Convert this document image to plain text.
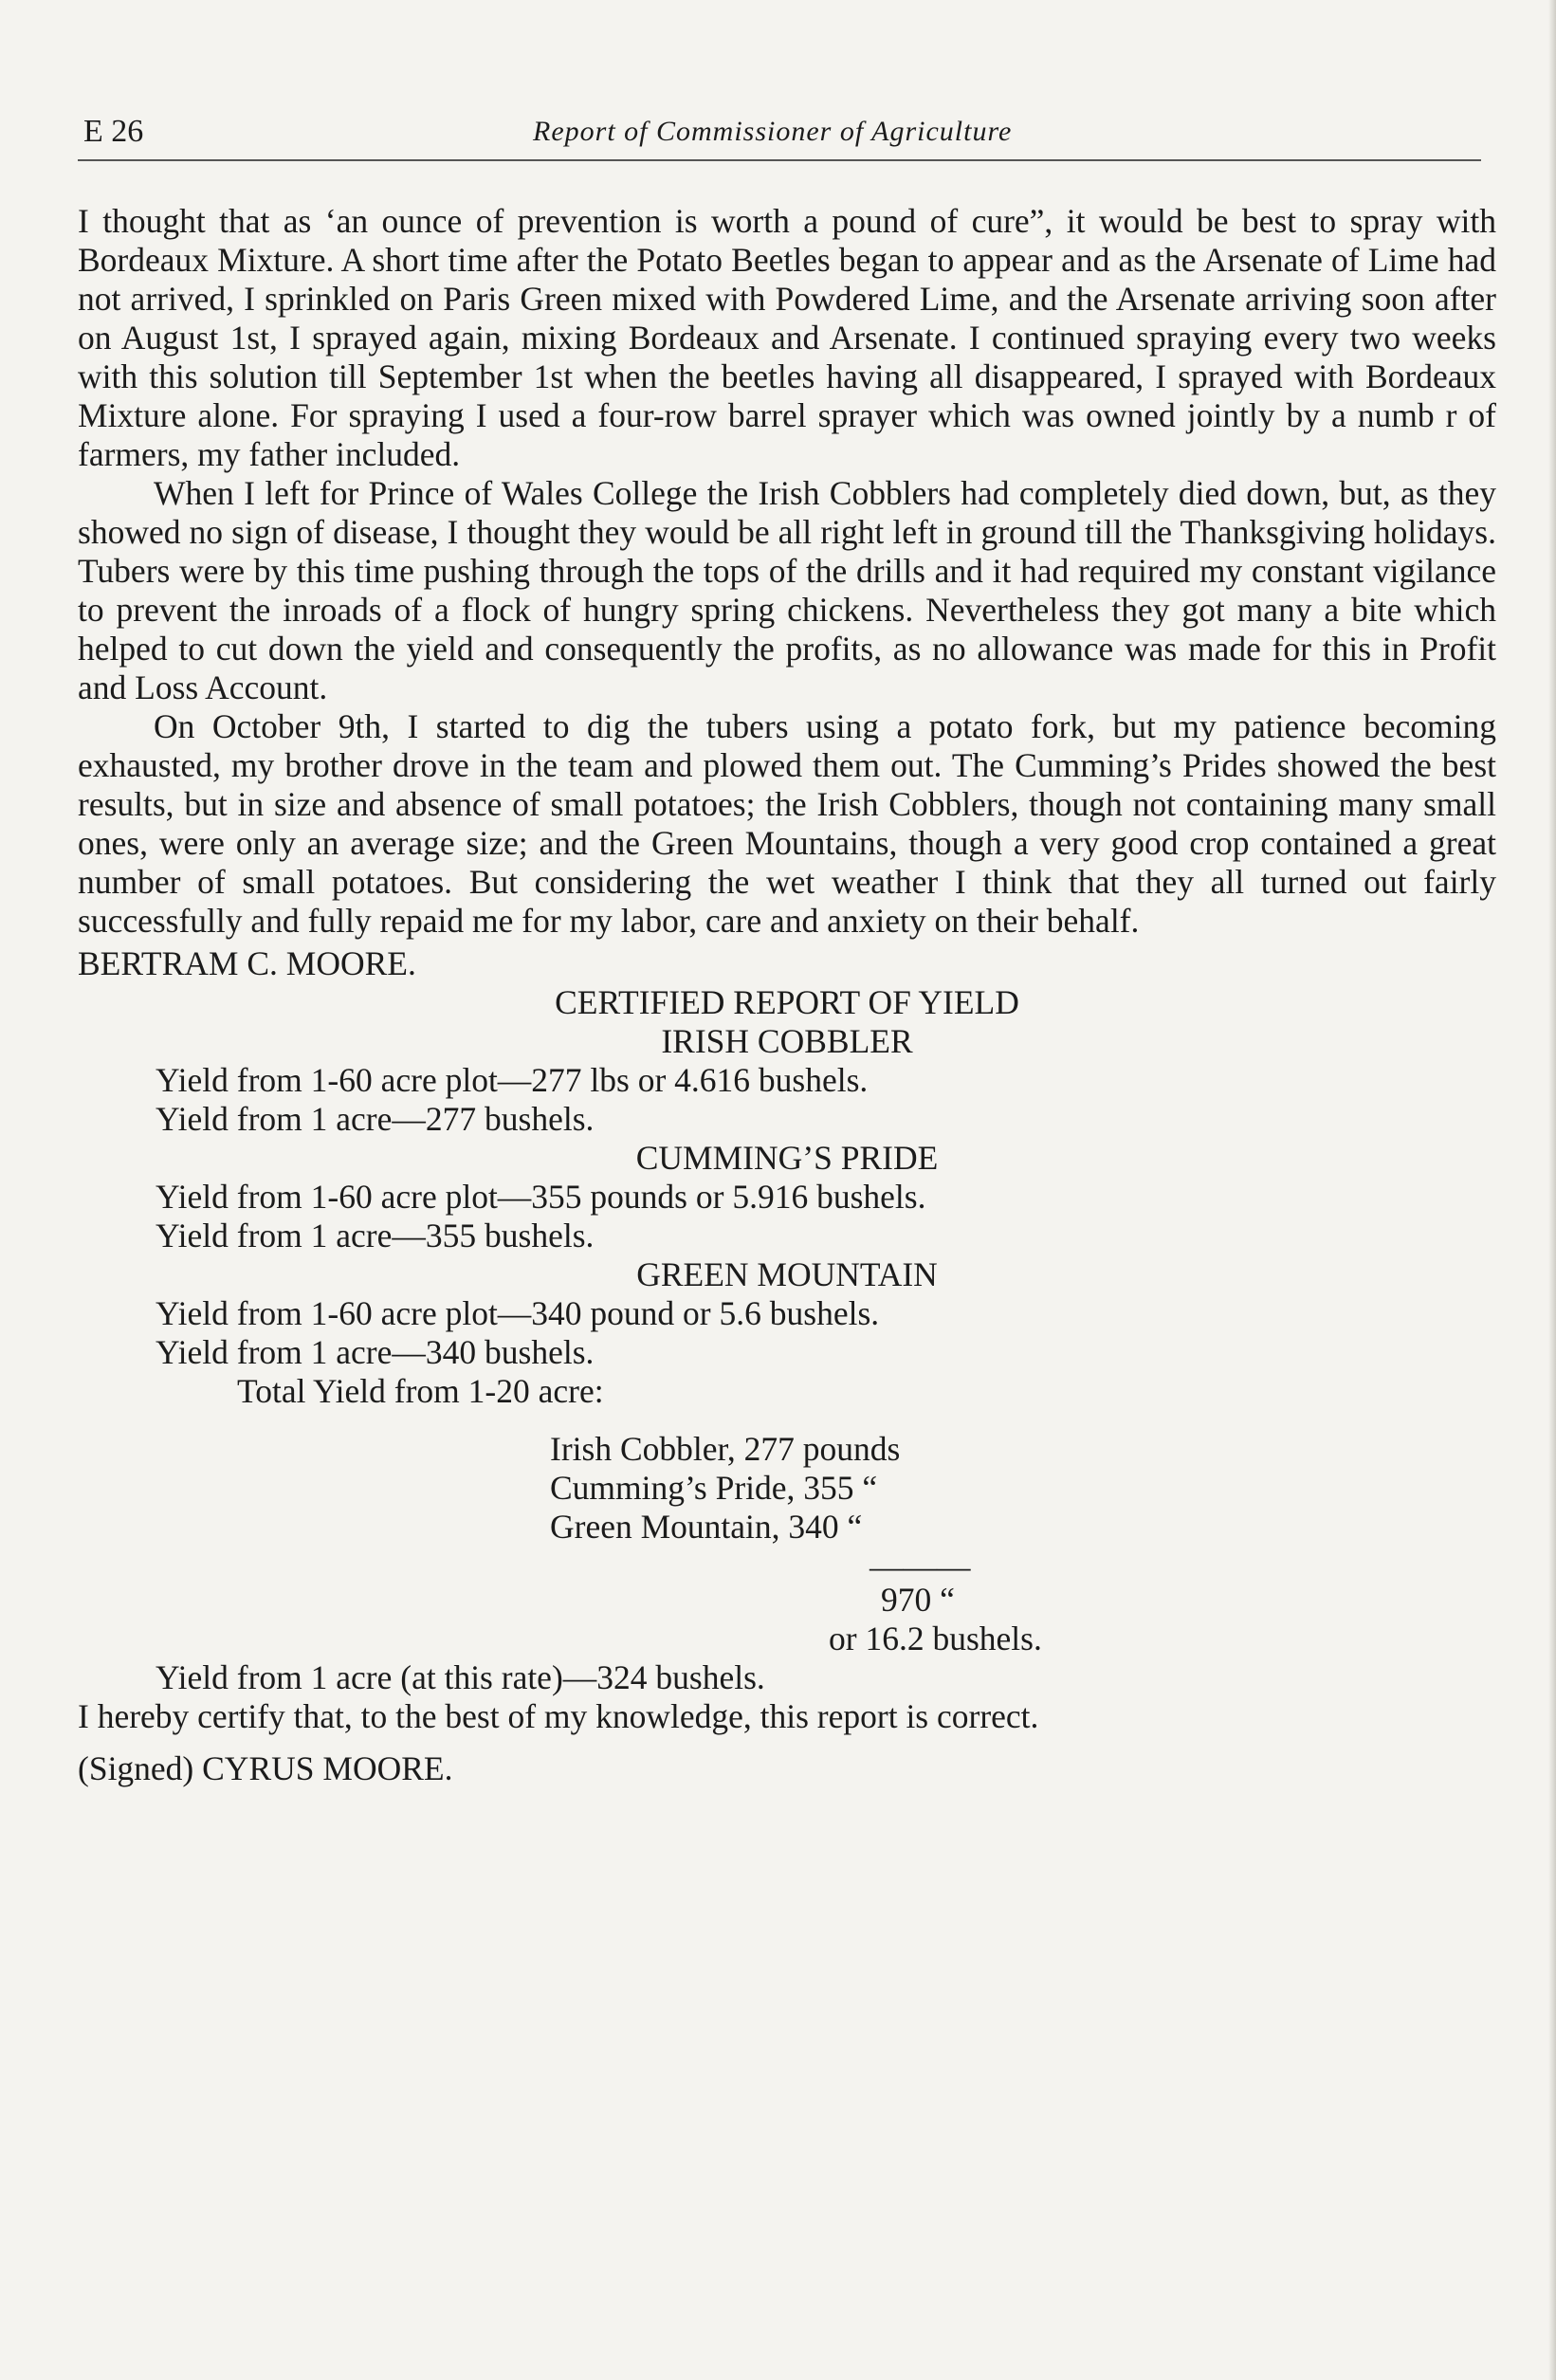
E 26	Report of Commissioner of Agriculture

I thought that as ‘an ounce of prevention is worth a pound of cure”, it would be best to spray with Bordeaux Mixture. A short time after the Potato Beetles began to appear and as the Arsenate of Lime had not arrived, I sprinkled on Paris Green mixed with Powdered Lime, and the Arsenate arriving soon after on August 1st, I sprayed again, mixing Bordeaux and Arsenate. I continued spraying every two weeks with this solution till September 1st when the beetles having all disappeared, I sprayed with Bordeaux Mixture alone. For spraying I used a four-row barrel sprayer which was owned jointly by a numb r of farmers, my father included.

When I left for Prince of Wales College the Irish Cobblers had completely died down, but, as they showed no sign of disease, I thought they would be all right left in ground till the Thanksgiving holidays. Tubers were by this time pushing through the tops of the drills and it had required my constant vigilance to prevent the inroads of a flock of hungry spring chickens. Nevertheless they got many a bite which helped to cut down the yield and consequently the profits, as no allowance was made for this in Profit and Loss Account.

On October 9th, I started to dig the tubers using a potato fork, but my patience becoming exhausted, my brother drove in the team and plowed them out. The Cumming’s Prides showed the best results, but in size and absence of small potatoes; the Irish Cobblers, though not containing many small ones, were only an average size; and the Green Mountains, though a very good crop contained a great number of small potatoes. But considering the wet weather I think that they all turned out fairly successfully and fully repaid me for my labor, care and anxiety on their behalf.

BERTRAM C. MOORE.

CERTIFIED REPORT OF YIELD

IRISH COBBLER

Yield from 1-60 acre plot—277 lbs or 4.616 bushels.

Yield from 1 acre—277 bushels.

CUMMING’S PRIDE

Yield from 1-60 acre plot—355 pounds or 5.916 bushels.

Yield from 1 acre—355 bushels.

GREEN MOUNTAIN

Yield from 1-60 acre plot—340 pound or 5.6 bushels.

Yield from 1 acre—340 bushels.

Total Yield from 1-20 acre:

Irish Cobbler, 277 pounds

Cumming’s Pride, 355 “

Green Mountain, 340 “

———

970 “

or 16.2 bushels.

Yield from 1 acre (at this rate)—324 bushels.

I hereby certify that, to the best of my knowledge, this report is correct.

(Signed) CYRUS MOORE.
